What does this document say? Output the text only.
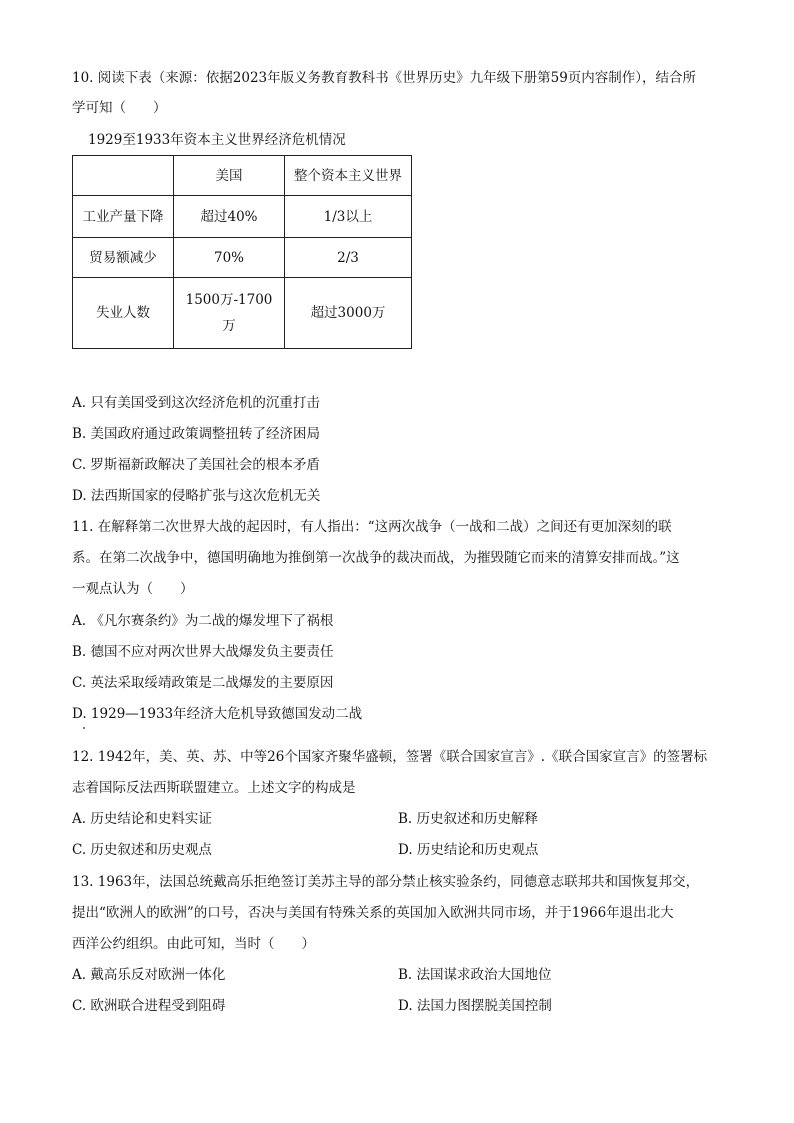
10. 阅读下表（来源：依据2023年版义务教育教科书《世界历史》九年级下册第59页内容制作），结合所
学可知（　　）
1929至1933年资本主义世界经济危机情况
	美国	整个资本主义世界
工业产量下降	超过40%	1/3以上
贸易额减少	70%	2/3
失业人数	1500万-1700万	超过3000万
A. 只有美国受到这次经济危机的沉重打击
B. 美国政府通过政策调整扭转了经济困局
C. 罗斯福新政解决了美国社会的根本矛盾
D. 法西斯国家的侵略扩张与这次危机无关
11. 在解释第二次世界大战的起因时，有人指出：“这两次战争（一战和二战）之间还有更加深刻的联
系。在第二次战争中，德国明确地为推倒第一次战争的裁决而战，为摧毁随它而来的清算安排而战。”这
一观点认为（　　）
A. 《凡尔赛条约》为二战的爆发埋下了祸根
B. 德国不应对两次世界大战爆发负主要责任
C. 英法采取绥靖政策是二战爆发的主要原因
D. 1929—1933年经济大危机导致德国发动二战
12. 1942年，美、英、苏、中等26个国家齐聚华盛顿，签署《联合国家宣言》.《联合国家宣言》的签署标
志着国际反法西斯联盟建立。上述文字的构成是
A. 历史结论和史料实证	B. 历史叙述和历史解释
C. 历史叙述和历史观点	D. 历史结论和历史观点
13. 1963年，法国总统戴高乐拒绝签订美苏主导的部分禁止核实验条约，同德意志联邦共和国恢复邦交，
提出“欧洲人的欧洲”的口号，否决与美国有特殊关系的英国加入欧洲共同市场，并于1966年退出北大
西洋公约组织。由此可知，当时（　　）
A. 戴高乐反对欧洲一体化	B. 法国谋求政治大国地位
C. 欧洲联合进程受到阻碍	D. 法国力图摆脱美国控制
